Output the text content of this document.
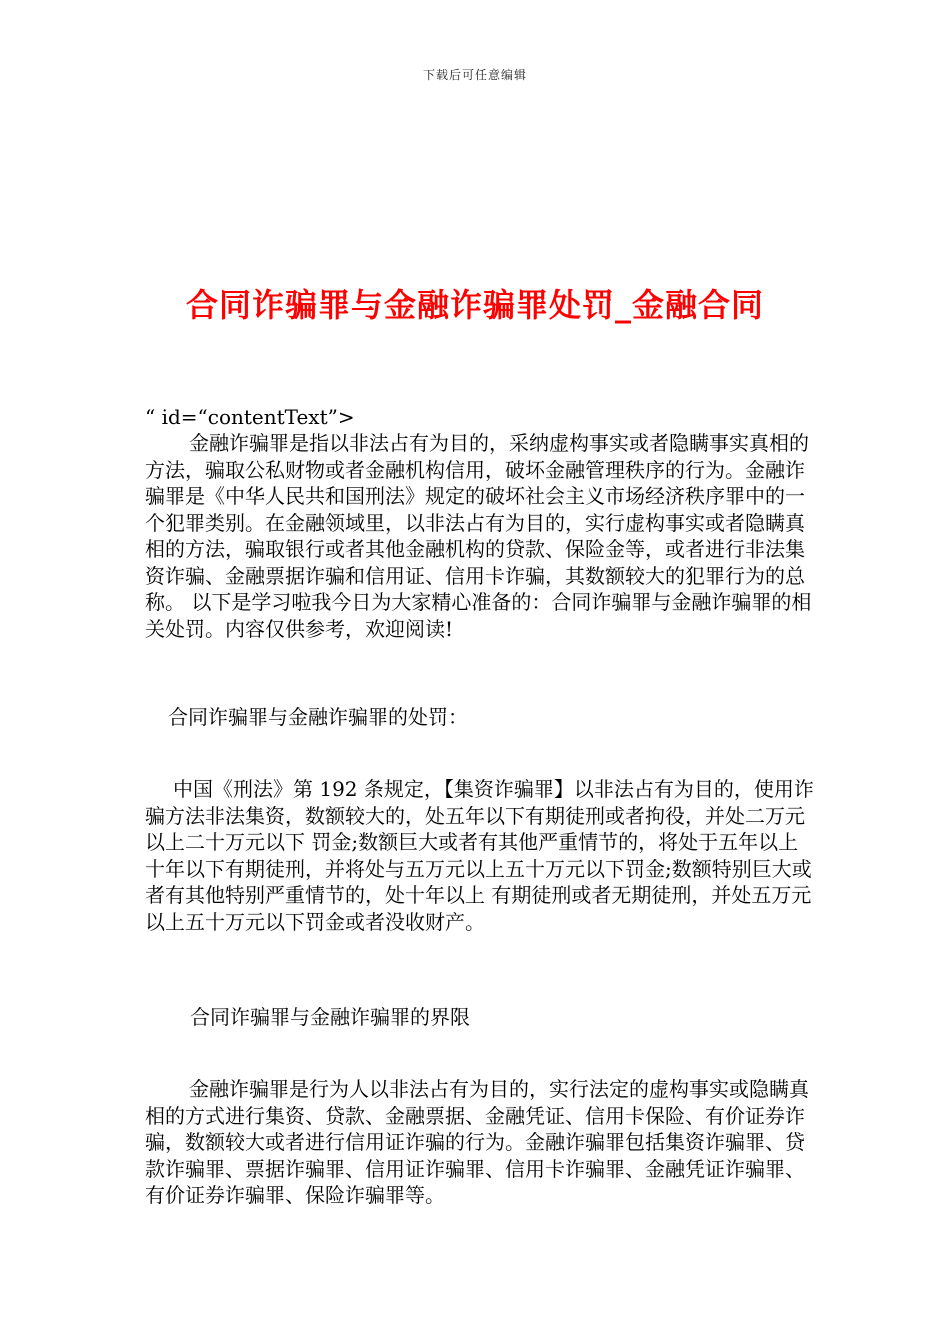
下载后可任意编辑
合同诈骗罪与金融诈骗罪处罚_金融合同

“ id=“contentText”>

金融诈骗罪是指以非法占有为目的，采纳虚构事实或者隐瞒事实真相的方法，骗取公私财物或者金融机构信用，破坏金融管理秩序的行为。金融诈骗罪是《中华人民共和国刑法》规定的破坏社会主义市场经济秩序罪中的一个犯罪类别。在金融领域里，以非法占有为目的，实行虚构事实或者隐瞒真相的方法，骗取银行或者其他金融机构的贷款、保险金等，或者进行非法集资诈骗、金融票据诈骗和信用证、信用卡诈骗，其数额较大的犯罪行为的总称。 以下是学习啦我今日为大家精心准备的：合同诈骗罪与金融诈骗罪的相关处罚。内容仅供参考，欢迎阅读!

合同诈骗罪与金融诈骗罪的处罚：

中国《刑法》第 192 条规定，【集资诈骗罪】以非法占有为目的，使用诈骗方法非法集资，数额较大的，处五年以下有期徒刑或者拘役，并处二万元以上二十万元以下 罚金;数额巨大或者有其他严重情节的，将处于五年以上十年以下有期徒刑，并将处与五万元以上五十万元以下罚金;数额特别巨大或者有其他特别严重情节的，处十年以上 有期徒刑或者无期徒刑，并处五万元以上五十万元以下罚金或者没收财产。

合同诈骗罪与金融诈骗罪的界限

金融诈骗罪是行为人以非法占有为目的，实行法定的虚构事实或隐瞒真相的方式进行集资、贷款、金融票据、金融凭证、信用卡保险、有价证券诈骗，数额较大或者进行信用证诈骗的行为。金融诈骗罪包括集资诈骗罪、贷款诈骗罪、票据诈骗罪、信用证诈骗罪、信用卡诈骗罪、金融凭证诈骗罪、有价证券诈骗罪、保险诈骗罪等。
